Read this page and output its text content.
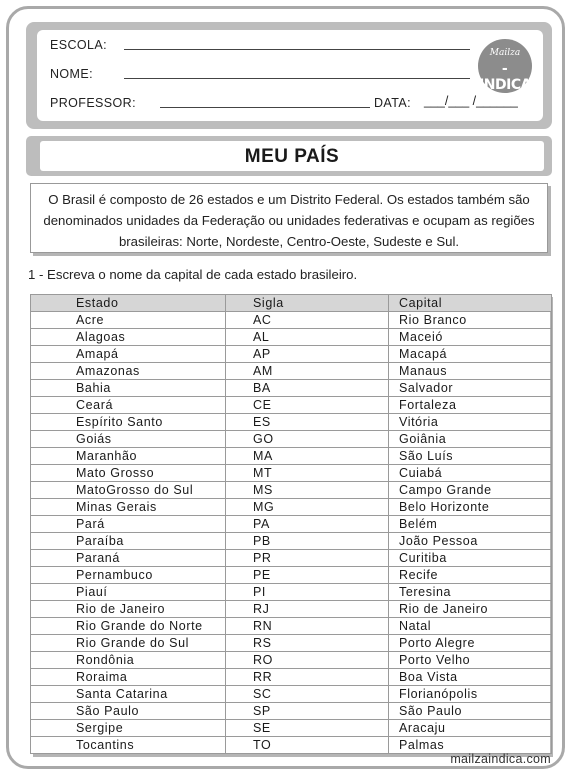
ESCOLA:
NOME:
PROFESSOR:	DATA: ___/___ /______
Mailza
- INDICA
MEU PAÍS
O Brasil é composto de 26 estados e um Distrito Federal. Os estados também são denominados unidades da Federação ou unidades federativas e ocupam as regiões brasileiras: Norte, Nordeste, Centro-Oeste, Sudeste e Sul.
1 - Escreva o nome da capital de cada estado brasileiro.
Estado	Sigla	Capital
Acre	AC	Rio Branco
Alagoas	AL	Maceió
Amapá	AP	Macapá
Amazonas	AM	Manaus
Bahia	BA	Salvador
Ceará	CE	Fortaleza
Espírito Santo	ES	Vitória
Goiás	GO	Goiânia
Maranhão	MA	São Luís
Mato Grosso	MT	Cuiabá
MatoGrosso do Sul	MS	Campo Grande
Minas Gerais	MG	Belo Horizonte
Pará	PA	Belém
Paraíba	PB	João Pessoa
Paraná	PR	Curitiba
Pernambuco	PE	Recife
Piauí	PI	Teresina
Rio de Janeiro	RJ	Rio de Janeiro
Rio Grande do Norte	RN	Natal
Rio Grande do Sul	RS	Porto Alegre
Rondônia	RO	Porto Velho
Roraima	RR	Boa Vista
Santa Catarina	SC	Florianópolis
São Paulo	SP	São Paulo
Sergipe	SE	Aracaju
Tocantins	TO	Palmas
mailzaindica.com
